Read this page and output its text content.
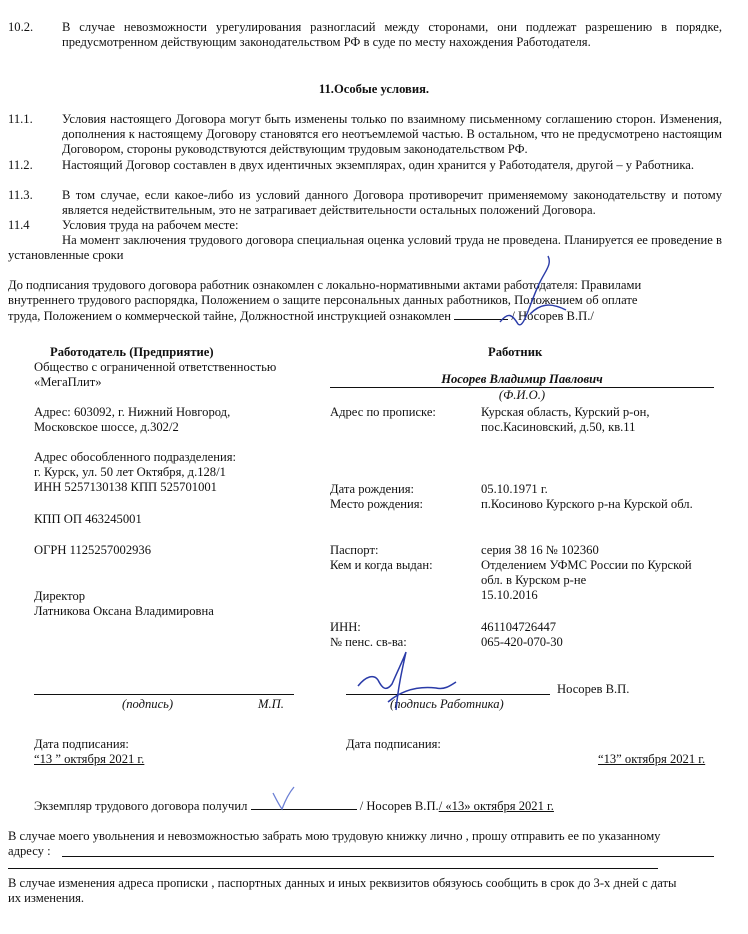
10.2. В случае невозможности урегулирования разногласий между сторонами, они подлежат разрешению в порядке, предусмотренном действующим законодательством РФ в суде по месту нахождения Работодателя.
11.Особые условия.
11.1. Условия настоящего Договора могут быть изменены только по взаимному письменному соглашению сторон. Изменения, дополнения к настоящему Договору становятся его неотъемлемой частью. В остальном, что не предусмотрено настоящим Договором, стороны руководствуются действующим трудовым законодательством РФ.
11.2. Настоящий Договор составлен в двух идентичных экземплярах, один хранится у Работодателя, другой – у Работника.
11.3. В том случае, если какое-либо из условий данного Договора противоречит применяемому законодательству и потому является недействительным, это не затрагивает действительности остальных положений Договора.
11.4	Условия труда на рабочем месте:
На момент заключения трудового договора специальная оценка условий труда не проведена. Планируется ее проведение в установленные сроки
До подписания трудового договора работник ознакомлен с локально-нормативными актами работодателя: Правилами
внутреннего трудового распорядка, Положением о защите персональных данных работников, Положением об оплате
труда, Положением о коммерческой тайне, Должностной инструкцией ознакомлен	/ Носорев В.П./
Работодатель (Предприятие)	Работник
Общество с ограниченной ответственностью
«МегаПлит»
Адрес: 603092, г. Нижний Новгород,
Московское шоссе, д.302/2
Адрес обособленного подразделения:
г. Курск, ул. 50 лет Октября, д.128/1
ИНН 5257130138 КПП 525701001
КПП ОП 463245001
ОГРН 1125257002936
Директор
Латникова Оксана Владимировна
Носорев Владимир Павлович
(Ф.И.О.)
Адрес по прописке:	Курская область, Курский р-он,
пос.Касиновский, д.50, кв.11
Дата рождения:	05.10.1971 г.
Место рождения:	п.Косиново Курского р-на Курской обл.
Паспорт:	серия 38 16 № 102360
Кем и когда выдан:	Отделением УФМС России по Курской
обл. в Курском р-не
15.10.2016
ИНН:	461104726447
№ пенс. св-ва:	065-420-070-30
(подпись)	М.П.
Носорев В.П.
(подпись Работника)
Дата подписания:
“13 ” октября 2021 г.
Дата подписания:
“13” октября 2021 г.
Экземпляр трудового договора получил	/ Носорев В.П./ «13» октября 2021 г.
В случае моего увольнения и невозможностью забрать мою трудовую книжку лично , прошу отправить ее по указанному
адресу :
В случае изменения адреса прописки , паспортных данных и иных реквизитов обязуюсь сообщить в срок до 3-х дней с даты
их изменения.
